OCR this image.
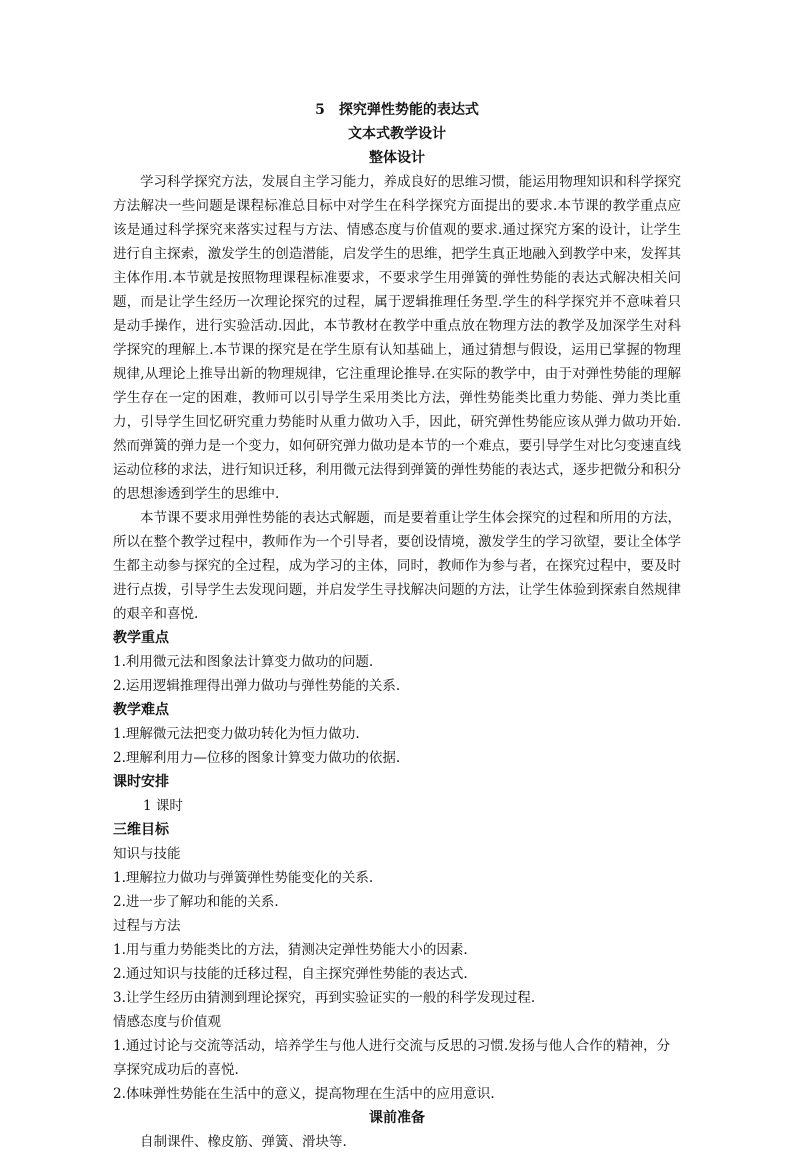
5　探究弹性势能的表达式

文本式教学设计

整体设计

学习科学探究方法，发展自主学习能力，养成良好的思维习惯，能运用物理知识和科学探究方法解决一些问题是课程标准总目标中对学生在科学探究方面提出的要求.本节课的教学重点应该是通过科学探究来落实过程与方法、情感态度与价值观的要求.通过探究方案的设计，让学生进行自主探索，激发学生的创造潜能，启发学生的思维，把学生真正地融入到教学中来，发挥其主体作用.本节就是按照物理课程标准要求，不要求学生用弹簧的弹性势能的表达式解决相关问题，而是让学生经历一次理论探究的过程，属于逻辑推理任务型.学生的科学探究并不意味着只是动手操作，进行实验活动.因此，本节教材在教学中重点放在物理方法的教学及加深学生对科学探究的理解上.本节课的探究是在学生原有认知基础上，通过猜想与假设，运用已掌握的物理规律,从理论上推导出新的物理规律，它注重理论推导.在实际的教学中，由于对弹性势能的理解学生存在一定的困难，教师可以引导学生采用类比方法，弹性势能类比重力势能、弹力类比重力，引导学生回忆研究重力势能时从重力做功入手，因此，研究弹性势能应该从弹力做功开始.然而弹簧的弹力是一个变力，如何研究弹力做功是本节的一个难点，要引导学生对比匀变速直线运动位移的求法，进行知识迁移，利用微元法得到弹簧的弹性势能的表达式，逐步把微分和积分的思想渗透到学生的思维中.

本节课不要求用弹性势能的表达式解题，而是要着重让学生体会探究的过程和所用的方法，所以在整个教学过程中，教师作为一个引导者，要创设情境，激发学生的学习欲望，要让全体学生都主动参与探究的全过程，成为学习的主体，同时，教师作为参与者，在探究过程中，要及时进行点拨，引导学生去发现问题，并启发学生寻找解决问题的方法，让学生体验到探索自然规律的艰辛和喜悦.

教学重点

1.利用微元法和图象法计算变力做功的问题.

2.运用逻辑推理得出弹力做功与弹性势能的关系.

教学难点

1.理解微元法把变力做功转化为恒力做功.

2.理解利用力—位移的图象计算变力做功的依据.

课时安排

1 课时

三维目标

知识与技能

1.理解拉力做功与弹簧弹性势能变化的关系.

2.进一步了解功和能的关系.

过程与方法

1.用与重力势能类比的方法，猜测决定弹性势能大小的因素.

2.通过知识与技能的迁移过程，自主探究弹性势能的表达式.

3.让学生经历由猜测到理论探究，再到实验证实的一般的科学发现过程.

情感态度与价值观

1.通过讨论与交流等活动，培养学生与他人进行交流与反思的习惯.发扬与他人合作的精神，分享探究成功后的喜悦.

2.体味弹性势能在生活中的意义，提高物理在生活中的应用意识.

课前准备

自制课件、橡皮筋、弹簧、滑块等.
